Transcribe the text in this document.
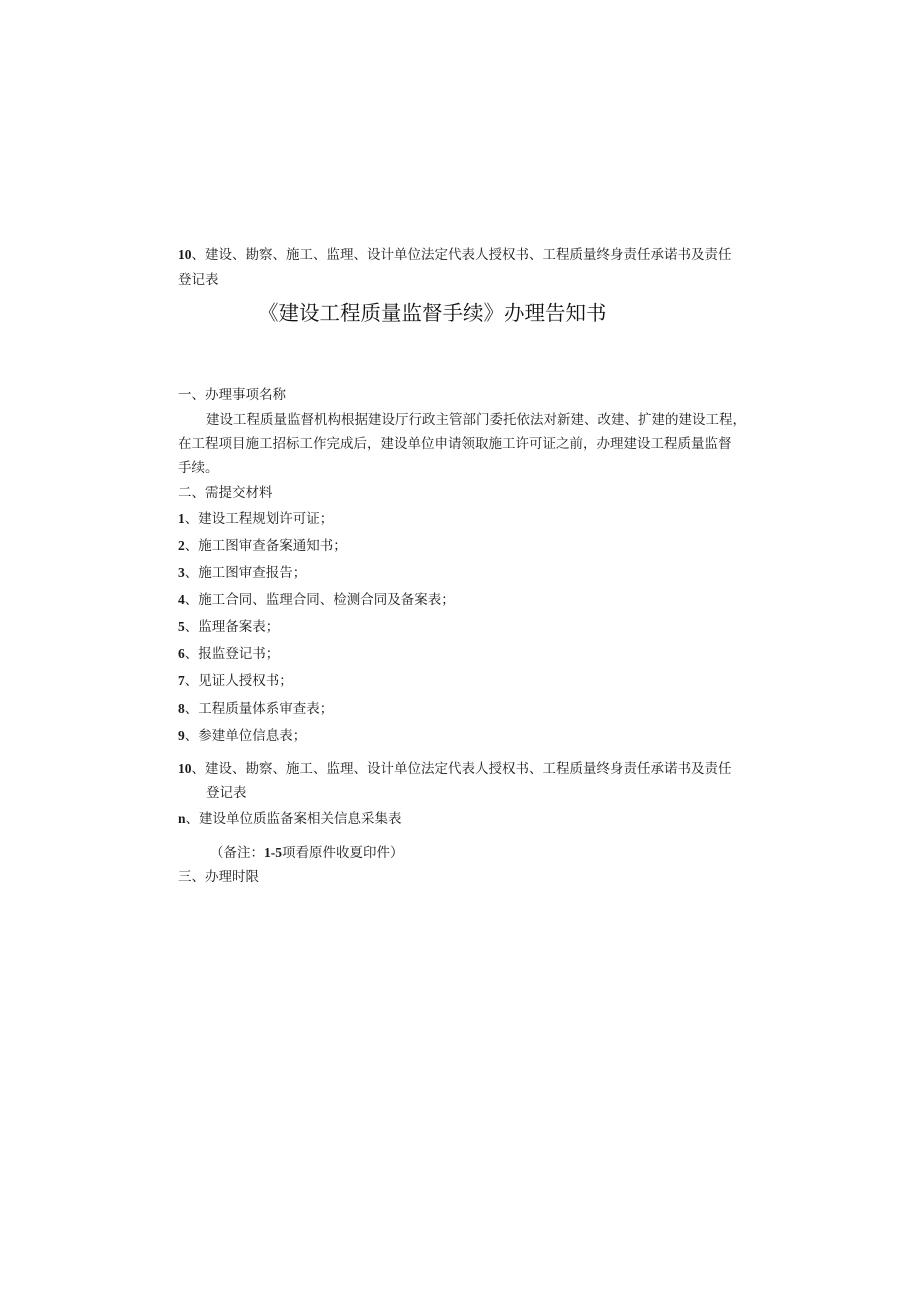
10、建设、勘察、施工、监理、设计单位法定代表人授权书、工程质量终身责任承诺书及责任
登记表
《建设工程质量监督手续》办理告知书
一、办理事项名称
建设工程质量监督机构根据建设厅行政主管部门委托依法对新建、改建、扩建的建设工程，
在工程项目施工招标工作完成后，建设单位申请领取施工许可证之前，办理建设工程质量监督
手续。
二、需提交材料
1、建设工程规划许可证；
2、施工图审查备案通知书；
3、施工图审查报告；
4、施工合同、监理合同、检测合同及备案表；
5、监理备案表；
6、报监登记书；
7、见证人授权书；
8、工程质量体系审查表；
9、参建单位信息表；
10、建设、勘察、施工、监理、设计单位法定代表人授权书、工程质量终身责任承诺书及责任
登记表
n、建设单位质监备案相关信息采集表
（备注：1-5项看原件收夏印件）
三、办理时限
